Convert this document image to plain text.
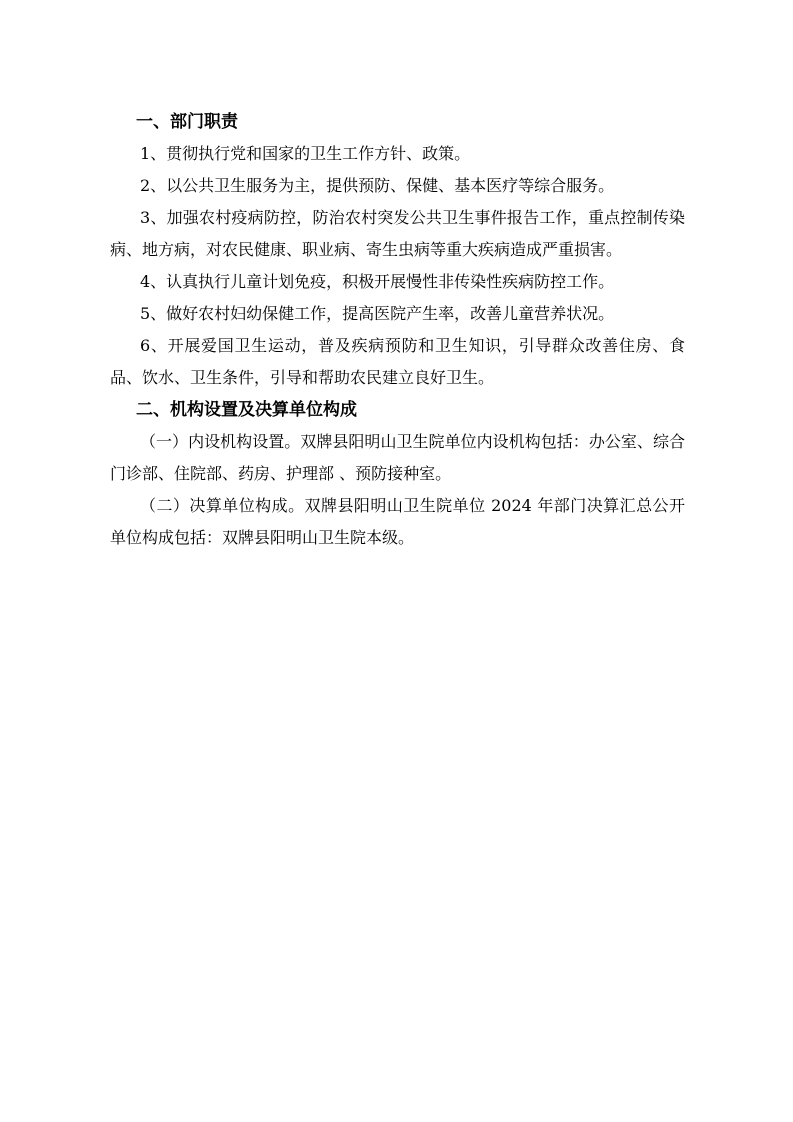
一、部门职责

1、贯彻执行党和国家的卫生工作方针、政策。

2、以公共卫生服务为主，提供预防、保健、基本医疗等综合服务。

3、加强农村疫病防控，防治农村突发公共卫生事件报告工作，重点控制传染病、地方病，对农民健康、职业病、寄生虫病等重大疾病造成严重损害。

4、认真执行儿童计划免疫，积极开展慢性非传染性疾病防控工作。

5、做好农村妇幼保健工作，提高医院产生率，改善儿童营养状况。

6、开展爱国卫生运动，普及疾病预防和卫生知识，引导群众改善住房、食品、饮水、卫生条件，引导和帮助农民建立良好卫生。

二、机构设置及决算单位构成

（一）内设机构设置。双牌县阳明山卫生院单位内设机构包括：办公室、综合门诊部、住院部、药房、护理部 、预防接种室。

（二）决算单位构成。双牌县阳明山卫生院单位 2024 年部门决算汇总公开单位构成包括：双牌县阳明山卫生院本级。
